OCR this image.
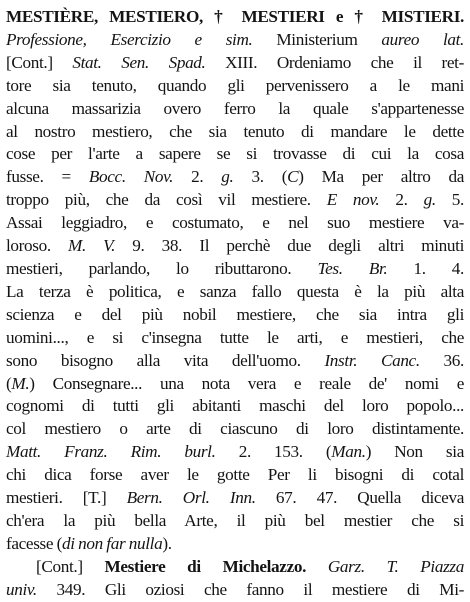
MESTIÈRE, MESTIERO, † MESTIERI e † MISTIERI.
Professione, Esercizio e sim. Ministerium aureo lat.
[Cont.] Stat. Sen. Spad. XIII. Ordeniamo che il ret-
tore sia tenuto, quando gli pervenissero a le mani
alcuna massarizia overo ferro la quale s'appartenesse
al nostro mestiero, che sia tenuto di mandare le dette
cose per l'arte a sapere se si trovasse di cui la cosa
fusse. = Bocc. Nov. 2. g. 3. (C) Ma per altro da
troppo più, che da così vil mestiere. E nov. 2. g. 5.
Assai leggiadro, e costumato, e nel suo mestiere va-
loroso. M. V. 9. 38. Il perchè due degli altri minuti
mestieri, parlando, lo ributtarono. Tes. Br. 1. 4.
La terza è politica, e sanza fallo questa è la più alta
scienza e del più nobil mestiere, che sia intra gli
uomini..., e si c'insegna tutte le arti, e mestieri, che
sono bisogno alla vita dell'uomo. Instr. Canc. 36.
(M.) Consegnare... una nota vera e reale de' nomi e
cognomi di tutti gli abitanti maschi del loro popolo...
col mestiero o arte di ciascuno di loro distintamente.
Matt. Franz. Rim. burl. 2. 153. (Man.) Non sia
chi dica forse aver le gotte Per li bisogni di cotal
mestieri. [T.] Bern. Orl. Inn. 67. 47. Quella diceva
ch'era la più bella Arte, il più bel mestier che si
facesse (di non far nulla).
[Cont.] Mestiere di Michelazzo. Garz. T. Piazza
univ. 349. Gli oziosi che fanno il mestiere di Mi-
